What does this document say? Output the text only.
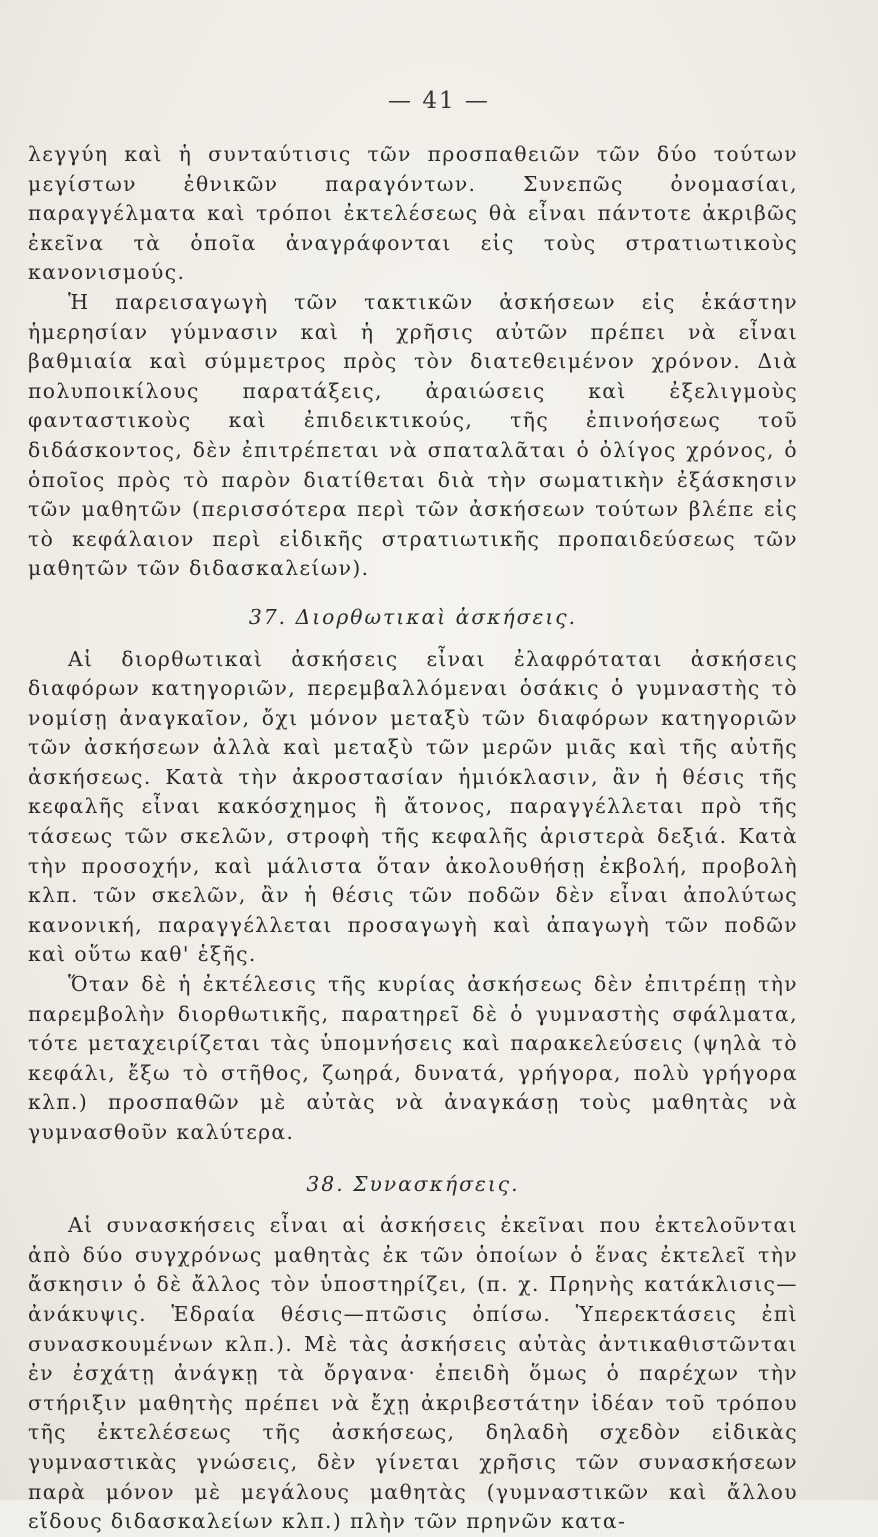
— 41 —

λεγγύη καὶ ἡ συνταύτισις τῶν προσπαθειῶν τῶν δύο τούτων μεγίστων ἐθνικῶν παραγόντων. Συνεπῶς ὀνομασίαι, παραγγέλματα καὶ τρόποι ἐκτελέσεως θὰ εἶναι πάντοτε ἀκριβῶς ἐκεῖνα τὰ ὁποῖα ἀναγράφονται εἰς τοὺς στρατιωτικοὺς κανονισμούς.

Ἡ παρεισαγωγὴ τῶν τακτικῶν ἀσκήσεων εἰς ἑκάστην ἡμερησίαν γύμνασιν καὶ ἡ χρῆσις αὐτῶν πρέπει νὰ εἶναι βαθμιαία καὶ σύμμετρος πρὸς τὸν διατεθειμένον χρόνον. Διὰ πολυποικίλους παρατάξεις, ἀραιώσεις καὶ ἐξελιγμοὺς φανταστικοὺς καὶ ἐπιδεικτικούς, τῆς ἐπινοήσεως τοῦ διδάσκοντος, δὲν ἐπιτρέπεται νὰ σπαταλᾶται ὁ ὀλίγος χρόνος, ὁ ὁποῖος πρὸς τὸ παρὸν διατίθεται διὰ τὴν σωματικὴν ἐξάσκησιν τῶν μαθητῶν (περισσότερα περὶ τῶν ἀσκήσεων τούτων βλέπε εἰς τὸ κεφάλαιον περὶ εἰδικῆς στρατιωτικῆς προπαιδεύσεως τῶν μαθητῶν τῶν διδασκαλείων).

37. Διορθωτικαὶ ἀσκήσεις.

Αἱ διορθωτικαὶ ἀσκήσεις εἶναι ἐλαφρόταται ἀσκήσεις διαφόρων κατηγοριῶν, περεμβαλλόμεναι ὁσάκις ὁ γυμναστὴς τὸ νομίσῃ ἀναγκαῖον, ὄχι μόνον μεταξὺ τῶν διαφόρων κατηγοριῶν τῶν ἀσκήσεων ἀλλὰ καὶ μεταξὺ τῶν μερῶν μιᾶς καὶ τῆς αὐτῆς ἀσκήσεως. Κατὰ τὴν ἀκροστασίαν ἡμιόκλασιν, ἂν ἡ θέσις τῆς κεφαλῆς εἶναι κακόσχημος ἢ ἄτονος, παραγγέλλεται πρὸ τῆς τάσεως τῶν σκελῶν, στροφὴ τῆς κεφαλῆς ἀριστερὰ δεξιά. Κατὰ τὴν προσοχήν, καὶ μάλιστα ὅταν ἀκολουθήσῃ ἐκβολή, προβολὴ κλπ. τῶν σκελῶν, ἂν ἡ θέσις τῶν ποδῶν δὲν εἶναι ἀπολύτως κανονική, παραγγέλλεται προσαγωγὴ καὶ ἀπαγωγὴ τῶν ποδῶν καὶ οὕτω καθ' ἑξῆς.

Ὅταν δὲ ἡ ἐκτέλεσις τῆς κυρίας ἀσκήσεως δὲν ἐπιτρέπῃ τὴν παρεμβολὴν διορθωτικῆς, παρατηρεῖ δὲ ὁ γυμναστὴς σφάλματα, τότε μεταχειρίζεται τὰς ὑπομνήσεις καὶ παρακελεύσεις (ψηλὰ τὸ κεφάλι, ἔξω τὸ στῆθος, ζωηρά, δυνατά, γρήγορα, πολὺ γρήγορα κλπ.) προσπαθῶν μὲ αὐτὰς νὰ ἀναγκάσῃ τοὺς μαθητὰς νὰ γυμνασθοῦν καλύτερα.

38. Συνασκήσεις.

Αἱ συνασκήσεις εἶναι αἱ ἀσκήσεις ἐκεῖναι που ἐκτελοῦνται ἀπὸ δύο συγχρόνως μαθητὰς ἐκ τῶν ὁποίων ὁ ἕνας ἐκτελεῖ τὴν ἄσκησιν ὁ δὲ ἄλλος τὸν ὑποστηρίζει, (π. χ. Πρηνὴς κατάκλισις—ἀνάκυψις. Ἑδραία θέσις—πτῶσις ὀπίσω. Ὑπερεκτάσεις ἐπὶ συνασκουμένων κλπ.). Μὲ τὰς ἀσκήσεις αὐτὰς ἀντικαθιστῶνται ἐν ἐσχάτῃ ἀνάγκῃ τὰ ὄργανα· ἐπειδὴ ὅμως ὁ παρέχων τὴν στήριξιν μαθητὴς πρέπει νὰ ἔχῃ ἀκριβεστάτην ἰδέαν τοῦ τρόπου τῆς ἐκτελέσεως τῆς ἀσκήσεως, δηλαδὴ σχεδὸν εἰδικὰς γυμναστικὰς γνώσεις, δὲν γίνεται χρῆσις τῶν συνασκήσεων παρὰ μόνον μὲ μεγάλους μαθητὰς (γυμναστικῶν καὶ ἄλλου εἴδους διδασκαλείων κλπ.) πλὴν τῶν πρηνῶν κατα-
